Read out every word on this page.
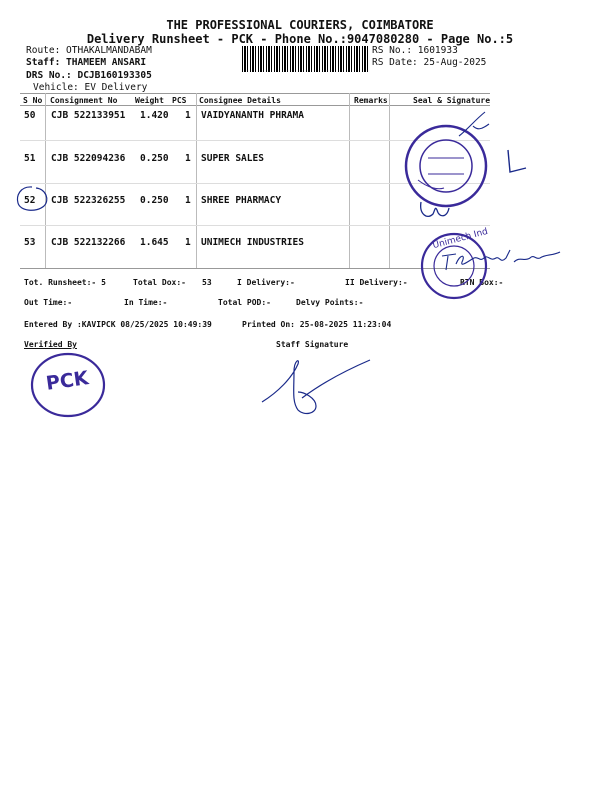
THE PROFESSIONAL COURIERS, COIMBATORE
Delivery Runsheet - PCK - Phone No.:9047080280 - Page No.:5
Route: OTHAKALMANDABAM
Staff: THAMEEM ANSARI
DRS No.: DCJB160193305
Vehicle: EV Delivery
RS No.: 1601933
RS Date: 25-Aug-2025
S No Consignment No Weight PCS Consignee Details	Remarks	Seal & Signature
50 CJB 522133951 1.420 1 VAIDYANANTH PHRAMA
51 CJB 522094236 0.250 1 SUPER SALES
52 CJB 522326255 0.250 1 SHREE PHARMACY
53 CJB 522132266 1.645 1 UNIMECH INDUSTRIES
Tot. Runsheet:- 5	Total Dox:- 53	I Delivery:-	II Delivery:-	RTN Box:-
Out Time:-	In Time:-	Total POD:-	Delvy Points:-
Entered By :KAVIPCK 08/25/2025 10:49:39	Printed On: 25-08-2025 11:23:04
Verified By	Staff Signature
Unimech Ind
PCK
